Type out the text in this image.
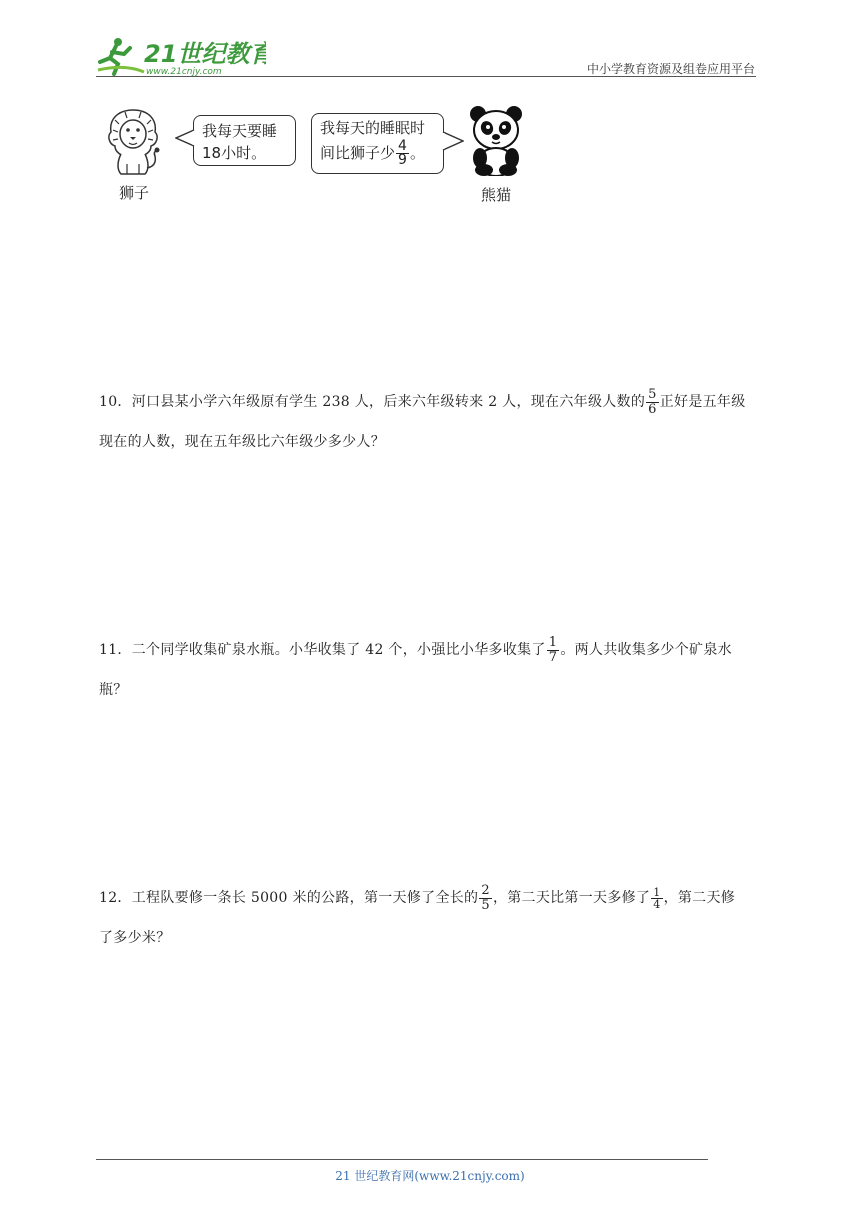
21世纪教育
www.21cnjy.com	中小学教育资源及组卷应用平台
狮子
我每天要睡
18小时。
我每天的睡眠时
间比狮子少 $\frac{4}{9}$ 。
熊猫
10．河口县某小学六年级原有学生 238 人，后来六年级转来 2 人，现在六年级人数的 $\frac{5}{6}$ 正好是五年级
现在的人数，现在五年级比六年级少多少人？
11．二个同学收集矿泉水瓶。小华收集了 42 个，小强比小华多收集了 $\frac{1}{7}$ 。两人共收集多少个矿泉水
瓶？
12．工程队要修一条长 5000 米的公路，第一天修了全长的 $\frac{2}{5}$ ，第二天比第一天多修了 $\frac{1}{4}$ ，第二天修
了多少米？
21 世纪教育网(www.21cnjy.com)
